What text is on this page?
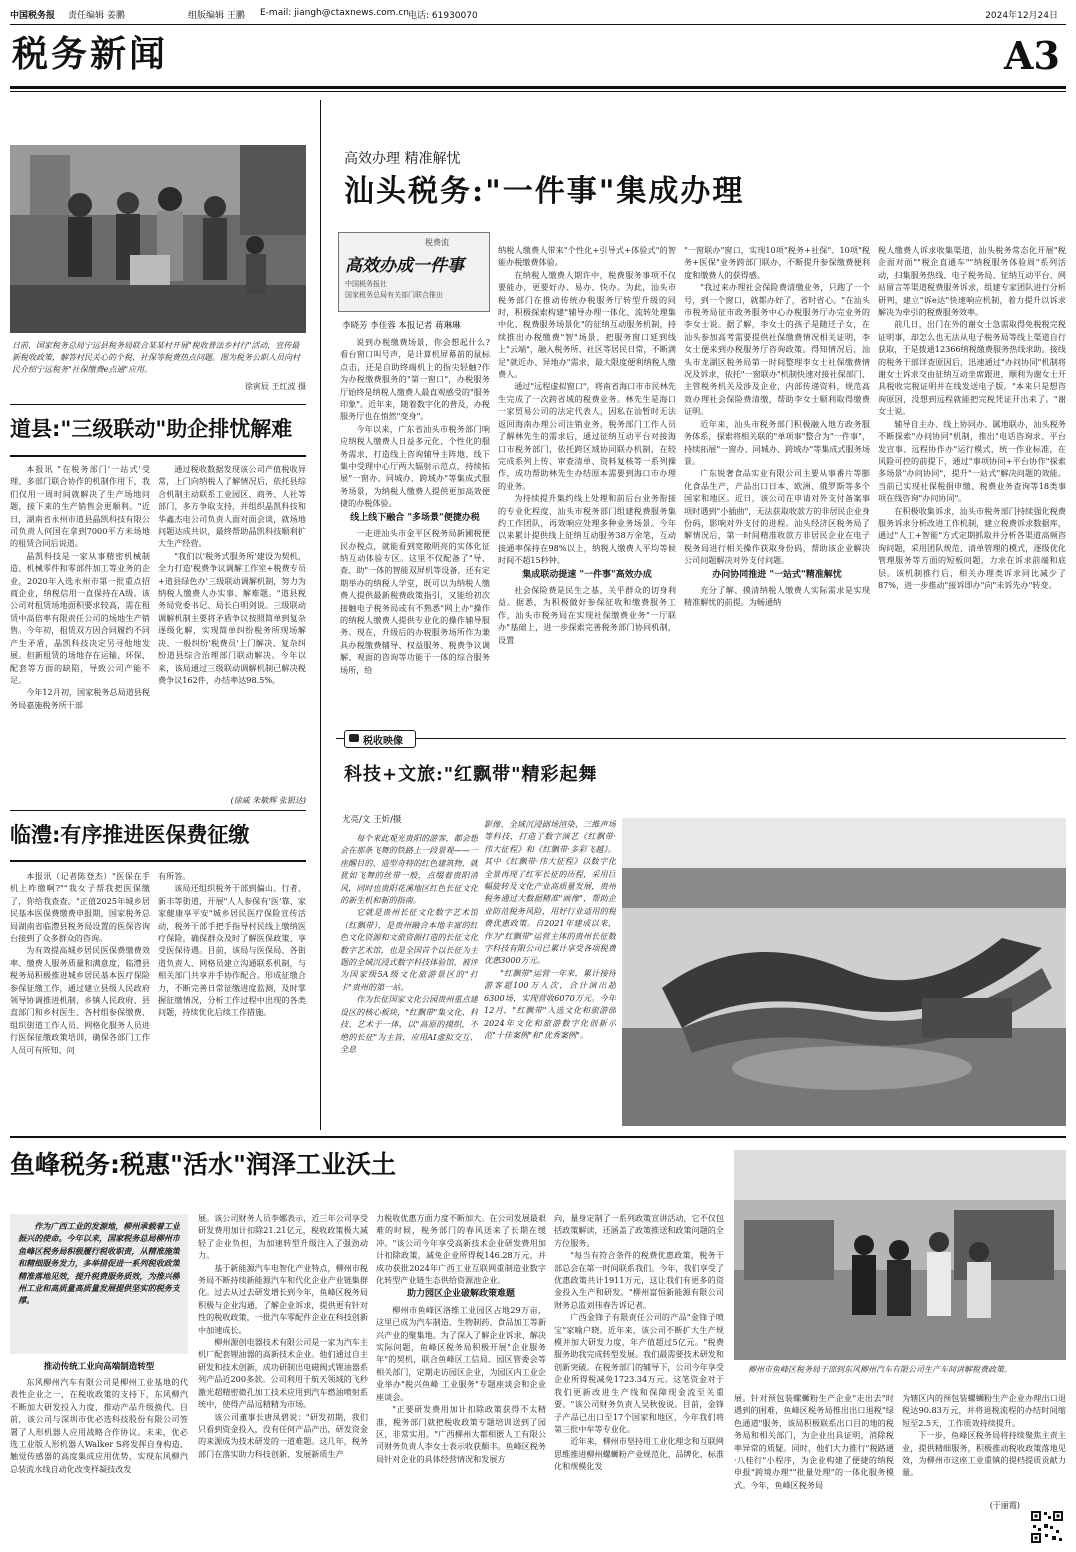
中国税务报 责任编辑 姜鹏	组版编辑 王鹏 E-mail: jiangh@ctaxnews.com.cn 电话: 61930070	2024年12月24日
税务新闻	A3
日前，国家税务总局宁远县税务局联合某某村开展"税收普法乡村行"活动，宣传最新税收政策，解答村民关心的个税、社保等税费热点问题。图为税务公职人员向村民介绍宁远税务"社保缴费e点通"应用。
徐寅辰 王红波 摄
道县:"三级联动"助企排忧解难

本报讯 "在税务部门'一站式'受理、多部门联合协作的机制作用下，我们仅用一周时间就解决了生产场地问题，接下来的生产销售会更顺利。"近日，湖南省永州市道县晶凯科技有限公司负责人何国在拿到7000平方米场地的租赁合同后说道。

晶凯科技是一家从事精密机械制造、机械零件和零部件加工等业务的企业，2020年入选永州市第一批重点招商企业，纳税信用一直保持在A级。该公司对租赁场地面积要求较高，需在租赁中高倍率有限责任公司的场地生产销售。今年初，租赁双方因合同履约不同产生矛盾，晶凯科技决定另寻他地发展。但新租赁的场地存在运输、环保、配套等方面的缺陷，导致公司产能不足。

今年12月初，国家税务总局道县税务局嘉施税务所干部

通过税收数据发现该公司产值税收异常，上门向纳税人了解情况后，依托县综合机制主动联系工业园区、商务、人社等部门，多方争取支持，并组织晶凯科技和华鑫杰电公司负责人面对面会谈，就场地问题达成共识，最终帮助晶凯科技顺利扩大生产经营。

"我们以'税务式服务所'建设为契机，全力打造'税费争议调解工作室+税费专员+道县绿色办'三级联动调解机制，努力为纳税人缴费人办实事、解难题。"道县税务局党委书记、局长白明剑说。三级联动调解机制主要将矛盾争议按照简单到复杂逐级化解，实现简单纠纷税务所现场解决、一般纠纷'税费员'上门解决、复杂纠纷道县综合治理部门联动解决。今年以来，该局通过三级联动调解机制已解决税费争议162件，办结率达98.5%。

(徐威 朱敏辉 张银达)
临澧:有序推进医保费征缴

本报讯（记者陈登杰）"医保在手机上咋缴啊?""我女子帮我把医保缴了，你给我查查。"正值2025年城乡居民基本医保费缴费申报期，国家税务总局湖南省临澧县税务局设置的医保咨询台接到了众多群众的咨询。

为有效提高城乡居民医保费缴费效率、缴费人服务质量和满意度，临澧县税务局积极推进城乡居民基本医疗保险参保征缴工作，通过建立县级人民政府领导协调推进机制、乡镇人民政府、县直部门和乡村医生、各村组参保缴费、组织街道工作人员、网格化服务人员进行医保征缴政策培训，确保各部门工作人员可有所知、问

有所答。

该局还组织税务干部到偏山、行者、新丰等街道，开展"人人参保有'医'靠、家家健康享平安"城乡居民医疗保险宣传活动，税务干部手把手指导村民线上缴纳医疗保险，确保群众及时了解医保政策、享受医保待遇。目前，该局与医保局、各街道负责人、网格员建立沟通联系机制，与相关部门共享并手协作配合。形成征缴合力，不断完善日常征缴进度监测，及时掌握征缴情况，分析工作过程中出现的各类问题，持续优化后续工作措施。

高效办理 精准解忧
汕头税务:"一件事"集成办理
税费流
高效办成一件事
中国税务报社
国家税务总局有关部门联合推出
李晓芳 李佳蓉 本报记者 蒋琳琳

说到办税缴费场景，你会想起什么?看台窗口叫号声，是计算机屏幕前的鼠标点击，还是自助终端机上的指尖轻触?作为办税缴费服务的"第一窗口"，办税服务厅始终是纳税人缴费人最直观感受的"服务印象"。近年来，随着数字化的普及，办税服务厅也在悄然"变身"。

今年以来，广东省汕头市税务部门响应纳税人缴费人日益多元化、个性化的服务需求，打造线上咨询辅导主阵地、线下集中受理中心厅两大辐射示范点，持续拓展"一窗办、同城办、跨域办"等集成式服务场景，为纳税人缴费人提供更加高效便捷的办税体验。

线上线下融合 "多场景"便捷办税

一走进汕头市金平区税务局新圃税便民办税点，就能看到宽敞明亮的实体化征纳互动体验专区。这里不仅配备了"导、查、助"一体的智能双屏机等设备，还有定期举办的纳税人学堂，既可以为纳税人缴费人提供最新税费政策指引，又能给初次接触电子税务局或有不熟悉"网上办"操作的纳税人缴费人提供专业化的操作辅导服务。现在，升级后的办税服务场所作为兼具办税缴费辅导、权益服务、税费争议调解、观面的咨询等功能于一体的综合服务场所，给

纳税人缴费人带来"个性化+引导式+体验式"的智能办税缴费体验。

在纳税人缴费人期许中，税费服务事项不仅要能办，更要好办、易办、快办。为此，汕头市税务部门在推动传统办税服务厅转型升级的同时，积极探索构建"辅导办理一体化、流转处理集中化、税费服务场景化"的征纳互动服务机制，持续推出办税缴费"智"场景，把服务窗口延到线上"云端"，融入税务所、社区等居民日常，不断满足"就近办、异地办"需求，最大限度便利纳税人缴费人。

通过"远程虚拟窗口"，将南省海口市市民林先生完成了一次跨省域的税费业务。林先生是海口一家贸易公司的法定代表人，因私在汕暂时无法返回海南办理公司注销业务，税务部门工作人员了解林先生的需求后，通过征纳互动平台对接海口市税务部门，依托跨区域协同联办机制，在较完成系列上传、审查清单、资料复核等一系列操作，成功帮助林先生办结原本需要到海口市办理的业务。

为持续提升集约线上处理和前后台业务衔接的专业化程度，汕头市税务部门组建税费服务集约工作团队，再效响应处理多种业务场景。今年以来累计提供线上征纳互动服务38万余笔，互动接通率保持在98%以上，纳税人缴费人平均等候时间不超15秒钟。

集成联动提速 "一件事"高效办成

社会保险费是民生之基，关乎群众的切身利益。据悉，为积极做好参保征收和缴费服务工作，汕头市税务局在实现社保缴费业务"一厅联办"基础上，进一步探索完善税务部门协同机制，设置

"一窗联办"窗口，实现10项"税务+社保"、10项"税务+医保"业务跨部门联办，不断提升参保缴费便利度和缴费人的获得感。

"我过来办理社会保险费清缴业务，只跑了一个号，到一个窗口，就都办好了，省时省心。"在汕头市税务局征市政务服务中心办税服务厅办完业务的李女士说。据了解，李女士的孩子是随迁子女，在汕头参加高考需要提供社保缴费情况相关证明，李女士便来到办税服务厅咨询政策。得知情况后，汕头市龙湖区税务局第一时间整理李女士社保缴费情况及诉求，依托"一窗联办"机制快速对接社保部门、主管税务机关及涉及企业，内部传递资料，规范高效办理社会保险费清缴，帮助李女士顺利取得缴费证明。

近年来，汕头市税务部门积极融入地方政务服务体系，探索将相关联的"单项事"整合为"一件事"，持续拓展"一窗办、同城办、跨域办"等集成式服务场景。

广东锐奢食品实业有限公司主要从事番片等膨化食品生产，产品出口日本、欧洲、俄罗斯等多个国家和地区。近日，该公司在申请对外支付备案事项时遇到"小插曲"，无法获取收款方的非居民企业身份码，影响对外支付的进程。汕头经济区税务局了解情况后，第一时间精准收款方非居民企业在电子税务局进行相关操作获取身份码，帮助该企业解决公司问题解决对外支付问题。

办问协同推进 "一站式"精准解忧

充分了解、摸清纳税人缴费人实际需求是实现精准解忧的前提。为畅通纳

税人缴费人诉求收集渠道，汕头税务常态化开展"税企面对面""税企直通车""纳税服务体验周"系列活动，扫集服务热线、电子税务局、征纳互动平台、网站留言等渠道税费服务诉求，组建专家团队进行分析研判，建立"诉e达"快速响应机制，着力提升以诉求解决为牵引的税费服务效率。

前几日，出门在外的谢女士急需取得免税税完税证明事，却怎么也无法从电子税务局等线上渠道自行获取，于是拨通12366纳税缴费服务热线求助。接线的税务干部详查原因后，迅速通过"办问协同"机制将谢女士诉求交由征纳互动坐席跟进，顺利为谢女士开具税收完税证明并在线发送电子版。"本来只是想咨询原因，没想到远程就能把完税凭证开出来了。"谢女士说。

辅导自主办、线上协同办、属地联办，汕头税务不断探索"办问协同"机制，推出"电话咨询求、平台发宣事、远程协作办"运行模式，统一作业标准，在风险可控的前提下，通过"事项协同+平台协作"探索多场景"办问协同"，提升"一站式"解决问题的效能。当前已实现社保税捐申缴、税费业务查询等18类事项在线咨询"办问协同"。

在积极收集诉求，汕头市税务部门持续强化税费服务诉求分析改进工作机制，建立税费诉求数据库，通过"人工+智能"方式定期抓取并分析各渠道高频咨询问题，采用团队规范、清单管理的模式，逐级优化管理服务等方面的短板问题，力求在诉求前端和底层。该机制推行后，相关办理类诉求同比减少了87%，进一步推动"接诉即办"向"未诉先办"转变。

税收映像
科技+文旅:"红飘带"精彩起舞
尤亮/文 王炘/摄

每个来此观光贵阳的游客，都会想会在那条飞舞的铁路上一段景观——一座醒目的、造型奇特的红色建筑物，就犹如飞舞的丝带一般，点缀着贵阳清风，同时也贵阳花溪地区红色长征文化的新生机和新的指南。

它就是贵州长征文化数字艺术馆（红飘带），是贵州融合本地丰富的红色文化资源和文旅资源打造的长征文化数字艺术馆，也是全国首个以长征为主题的全域沉浸式数字科技体验馆，被评为国家级5A级文化旅游景区的"打卡"贵州的第一站。

作为长征国家文化公园贵州重点建设区的核心板块，"红飘带"集文化、科技、艺术于一体，以"高原的摸织，不绝的长征"为主旨，应用AI虚拟交互、全息

影像、全域沉浸剧场渲染、三维声场等科技，打造了数字演艺《红飘带·伟大征程》和《红飘带·多彩飞越》。其中《红飘带·伟大征程》以数字化全景再现了红军长征的历程，采用巨幅旋转及文化产业高质量发展，贵州税务通过大数据精准"画像"，帮助企业防范税务风险，用好行业适用的税费优惠政策。自2021年建成以来，作为"红飘带"运营主体的贵州长征数字科技有限公司已累计享受各项税费优惠3000万元。

"红飘带"运营一年来，累计接待游客超100万人次，合计演出超6300场，实现营收6070万元。今年12月，"红飘带"入选文化和旅游部2024年文化和旅游数字化创新示范"十佳案例"和"优秀案例"。

鱼峰税务:税惠"活水"润泽工业沃土

作为广西工业的发源地，柳州承载着工业振兴的使命。今年以来，国家税务总局柳州市鱼峰区税务局积极履行税收职责，从精准施策和精细服务发力，多举措促进一系列税收政策精准落地见效，提升税费服务质效，为推兴柳州工业和高质量高质量发展提供坚实的税务支撑。

推动传统工业向高端制造转型

东风柳州汽车有限公司是柳州工业基地的代表性企业之一，在税收政策的支持下，东风柳汽不断加大研发投入力度，推动产品升级换代。目前，该公司与深圳市优必选科技股份有限公司签署了人形机器人应用战略合作协议。未来，优必选工业版人形机器人Walker S将发挥自身构造、触觉传感器的高度集成应用优势，实现东风柳汽总装流水线自动化改变样凝技改发

展。该公司财务人员李娜表示，近三年公司享受研发费用加计扣除21.21亿元，税收政策极大减轻了企业负担，为加速转型升级注入了强劲动力。

基于新能源汽车电智化产业特点，柳州市税务局不断持续新能源汽车和代化企业产业链集群化。过去从过去研发增长到今年，鱼峰区税务局积极与企业沟通，了解企业诉求，提供更有针对性的税收政策，一批汽车零配件企业在科技创新中加速成长。

柳州源创电器技术有限公司是一家为汽车主机厂配套锂油器的高新技术企业。他们通过自主研发和技术创新，成功研制出电磁阀式锂油器系列产品近200多款。公司利用于航天领域的飞秒激光超精密微孔加工技术应用到汽车燃油喷射系统中，使得产品远精精为市场。

该公司董事长唐凤碧说："研发初期，我们只看到资金投入，没有任何产品产出，研发资金的来源成为技术研发的一道难题。这几年，税务部门在落实助力科技创新、发展新质生产

力税收优惠方面力度不断加大。在公司发展最艰难的时候，税务部门的春风送来了长期在缓冲。"该公司今年享受高新技术企业研发费用加计扣除政策，减免企业所得税146.28万元，并成功获批2024年广西工业互联网重制造业数字化转型产业链生态供给资源池企业。

助力园区企业破解政策难题

柳州市鱼峰区洛维工业园区占地29万亩，这里已成为汽车制造、生物制药、食品加工等新兴产业的聚集地。为了深入了解企业诉求、解决实际问题，鱼峰区税务局积极开展"企业服务年"的契机，联合鱼峰区工信局、园区管委会等相关部门，定期走访园区企业，为园区内工业企业举办"税兴鱼峰 工业服务"专题座谈会和企业座谈会。

"正要研发费用加计扣除政策获得不太精准，税务部门就把税收政策专题培训送到了园区，非常实用。"广西柳州大都相匿人工有限公司财务负责人李女士表示收获颇丰。鱼峰区税务局针对企业的具体经营情况和发展方

向，量身定制了一系列政策宣讲活动，它不仅包括政策解读，还涵盖了政策推送和政策问题的全方位服务。

"每当有符合条件的税费优惠政策，税务干部总会在第一时间联系我们。今年，我们享受了优惠政策共计1911万元，这让我们有更多的资金投入生产和研发。"柳州富恒新能源有限公司财务总监刘伟春告诉记者。

广西金锋子有限责任公司的产品"金锋子喷宝"家喻户晓。近年来，该公司不断扩大生产规模并加大研发力度，年产值超过5亿元。"税费服务助我完成转型发展。我们最需要技术研发和创新突破。在税务部门的辅导下，公司今年享受企业所得税减免1723.34万元。这笔资金对于我们更新改进生产线和保障现金流至关重要。"该公司财务负责人吴秋俊说。目前，金锋子产品已出口至17个国家和地区，今年我们将第三批中牟等专业化。

近年来，柳州市坚持用工业化理念和互联网思维推进柳州螺蛳粉产业规范化、品牌化、标准化和规模化发

柳州市鱼峰区税务局干部到东风柳州汽车有限公司生产车间讲解税费政策。

展。针对预包装螺蛳粉生产企业"走出去"时遇到的困难，鱼峰区税务局推出出口退税"绿色通道"服务，该局积极联系出口目的地的税务局和相关部门，为企业出具证明，消除税率异常的质疑。同时，他们大力推行"税路通·八桂行"小程序，为企业构建了便捷的纳税申报"跨境办理""批量处理"的一体化服务模式。今年，鱼峰区税务局

为辖区内的预包装螺蛳粉生产企业办理出口退税达90.83万元，并将退税流程的办结时间缩短至2.5天，工作质效持续提升。

下一步，鱼峰区税务局将持续聚焦主责主业，提供精细服务，积极推动税收政策落地见效，为柳州市这座工业重镇的提档提质贡献力量。

(于丽霞)
